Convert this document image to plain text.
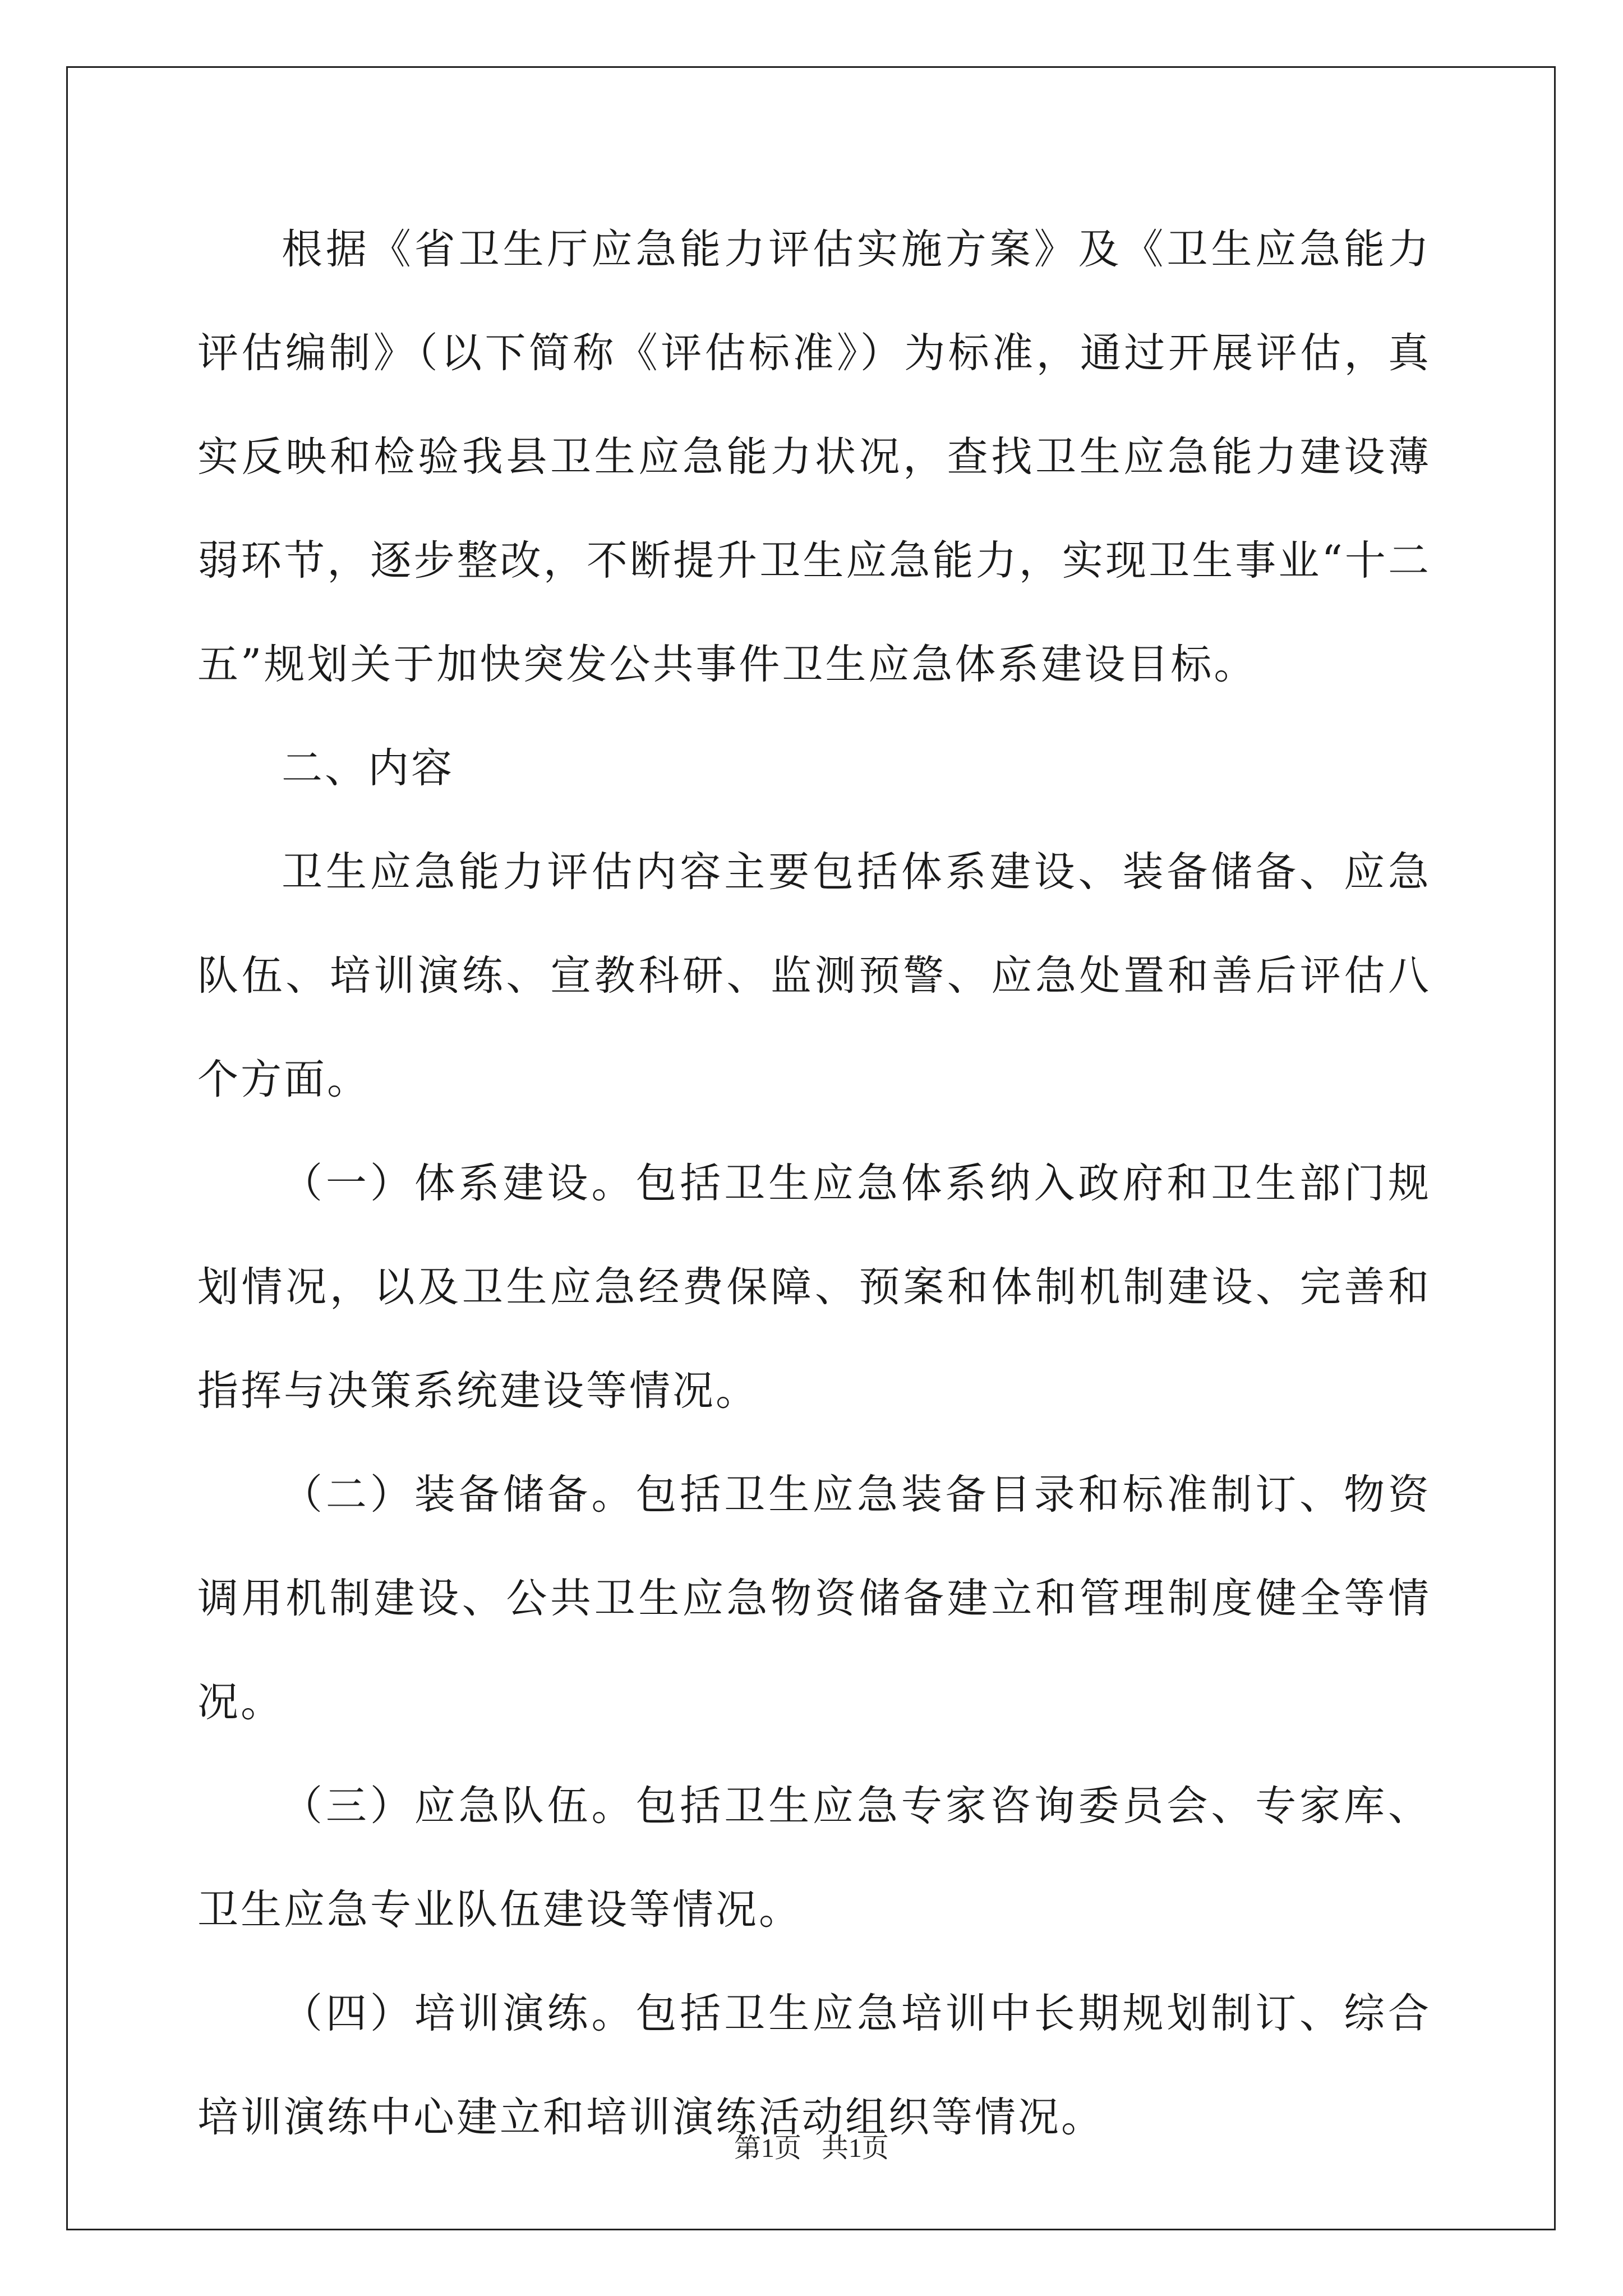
根据《省卫生厅应急能力评估实施方案》及《卫生应急能力评估编制》（以下简称《评估标准》）为标准，通过开展评估，真实反映和检验我县卫生应急能力状况，查找卫生应急能力建设薄弱环节，逐步整改，不断提升卫生应急能力，实现卫生事业“十二五”规划关于加快突发公共事件卫生应急体系建设目标。

二、内容

卫生应急能力评估内容主要包括体系建设、装备储备、应急队伍、培训演练、宣教科研、监测预警、应急处置和善后评估八个方面。

（一）体系建设。包括卫生应急体系纳入政府和卫生部门规划情况，以及卫生应急经费保障、预案和体制机制建设、完善和指挥与决策系统建设等情况。

（二）装备储备。包括卫生应急装备目录和标准制订、物资调用机制建设、公共卫生应急物资储备建立和管理制度健全等情况。

（三）应急队伍。包括卫生应急专家咨询委员会、专家库、卫生应急专业队伍建设等情况。

（四）培训演练。包括卫生应急培训中长期规划制订、综合培训演练中心建立和培训演练活动组织等情况。

第1页   共1页
